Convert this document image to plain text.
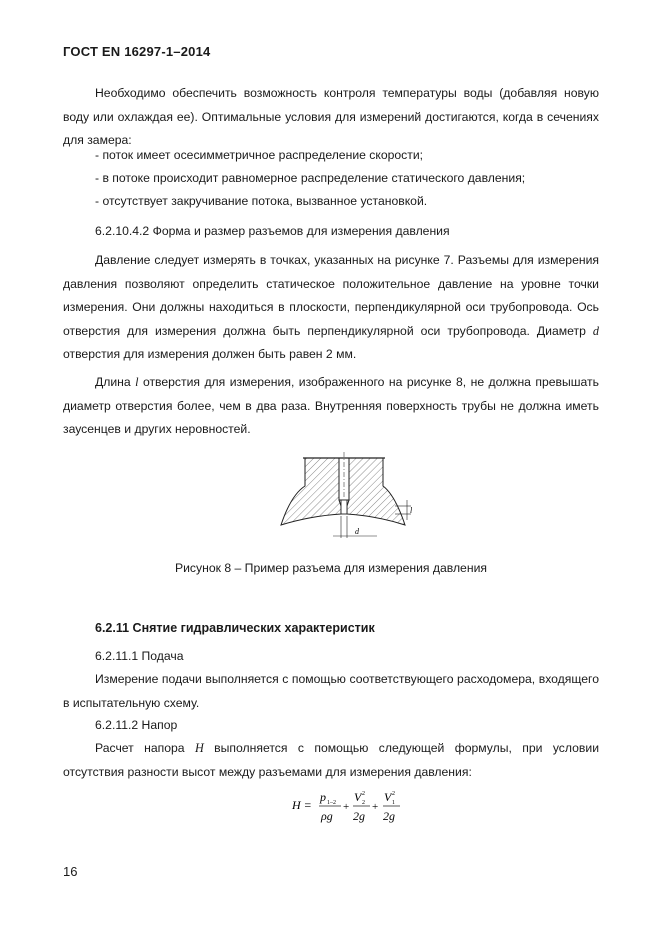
ГОСТ EN 16297-1–2014
Необходимо обеспечить возможность контроля температуры воды (добавляя новую воду или охлаждая ее). Оптимальные условия для измерений достигаются, когда в сечениях для замера:
- поток имеет осесимметричное распределение скорости;
- в потоке происходит равномерное распределение статического давления;
- отсутствует закручивание потока, вызванное установкой.
6.2.10.4.2 Форма и размер разъемов для измерения давления
Давление следует измерять в точках, указанных на рисунке 7. Разъемы для измерения давления позволяют определить статическое положительное давление на уровне точки измерения. Они должны находиться в плоскости, перпендикулярной оси трубопровода. Ось отверстия для измерения должна быть перпендикулярной оси трубопровода. Диаметр d отверстия для измерения должен быть равен 2 мм.
Длина l отверстия для измерения, изображенного на рисунке 8, не должна превышать диаметр отверстия более, чем в два раза. Внутренняя поверхность трубы не должна иметь заусенцев и других неровностей.
l
d
Рисунок 8 – Пример разъема для измерения давления
6.2.11 Снятие гидравлических характеристик
6.2.11.1 Подача
Измерение подачи выполняется с помощью соответствующего расходомера, входящего в испытательную схему.
6.2.11.2 Напор
Расчет напора H выполняется с помощью следующей формулы, при условии отсутствия разности высот между разъемами для измерения давления:
H =
p 1–2
ρg
+
V 2
2
2g
+
V 2
1
2g
16
